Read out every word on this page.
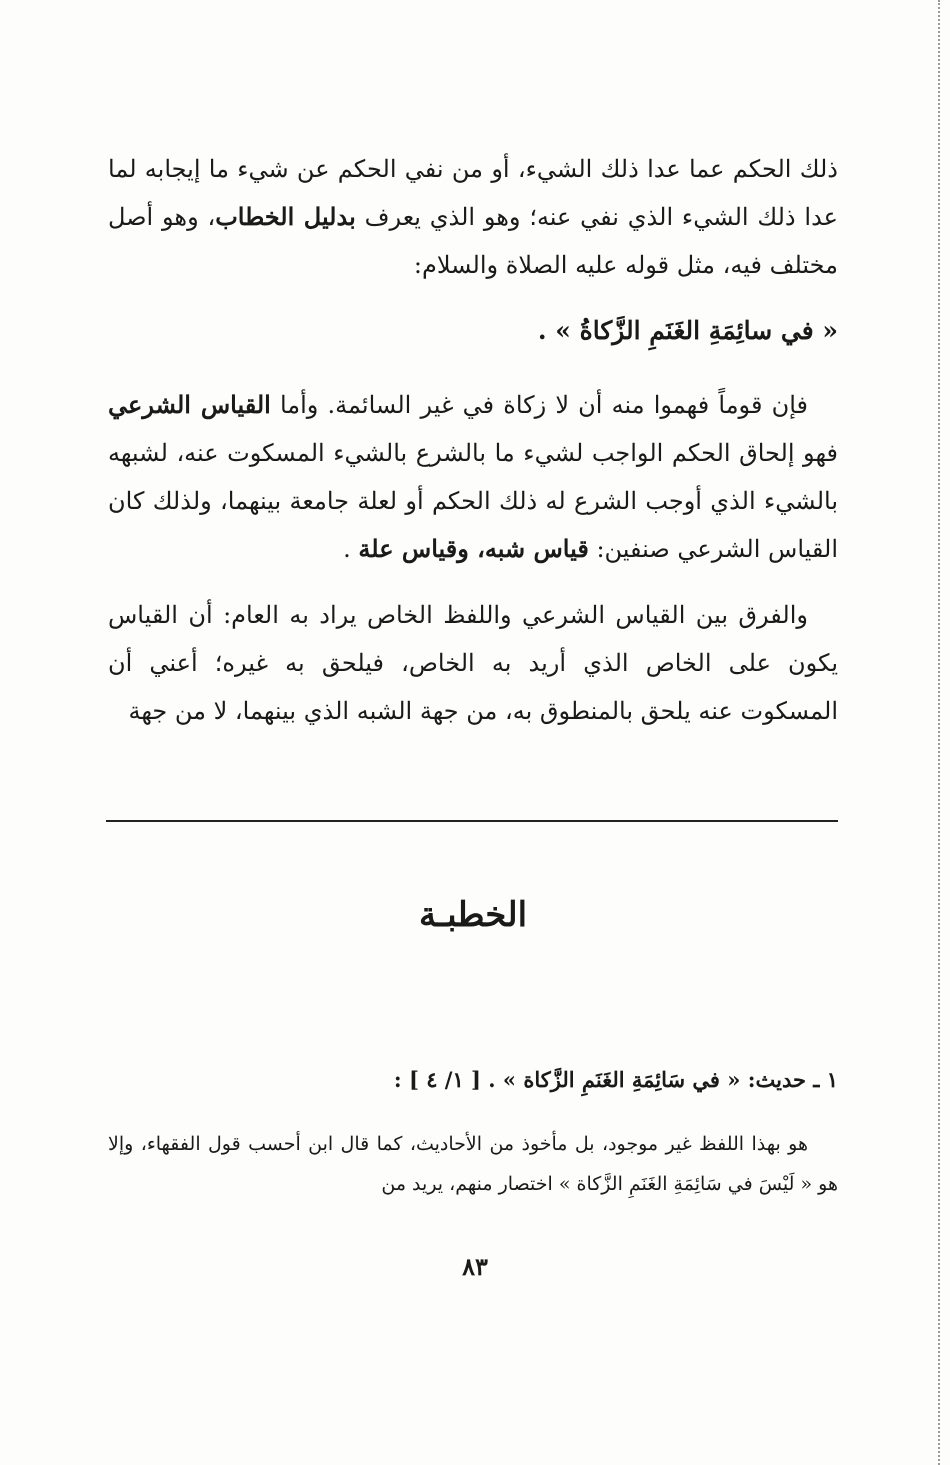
ذلك الحكم عما عدا ذلك الشيء، أو من نفي الحكم عن شيء ما إيجابه لما عدا ذلك الشيء الذي نفي عنه؛ وهو الذي يعرف بدليل الخطاب، وهو أصل مختلف فيه، مثل قوله عليه الصلاة والسلام:

« في سائِمَةِ الغَنَمِ الزَّكاةُ » .

فإن قوماً فهموا منه أن لا زكاة في غير السائمة. وأما القياس الشرعي فهو إلحاق الحكم الواجب لشيء ما بالشرع بالشيء المسكوت عنه، لشبهه بالشيء الذي أوجب الشرع له ذلك الحكم أو لعلة جامعة بينهما، ولذلك كان القياس الشرعي صنفين: قياس شبه، وقياس علة .

والفرق بين القياس الشرعي واللفظ الخاص يراد به العام: أن القياس يكون على الخاص الذي أريد به الخاص، فيلحق به غيره؛ أعني أن المسكوت عنه يلحق بالمنطوق به، من جهة الشبه الذي بينهما، لا من جهة

الخطبـة

١ ـ حديث: « في سَائِمَةِ الغَنَمِ الزَّكاة » . [ ١/ ٤ ] :

هو بهذا اللفظ غير موجود، بل مأخوذ من الأحاديث، كما قال ابن أحسب قول الفقهاء، وإلا هو « لَيْسَ في سَائِمَةِ الغَنَمِ الزَّكاة » اختصار منهم، يريد من

٨٣
